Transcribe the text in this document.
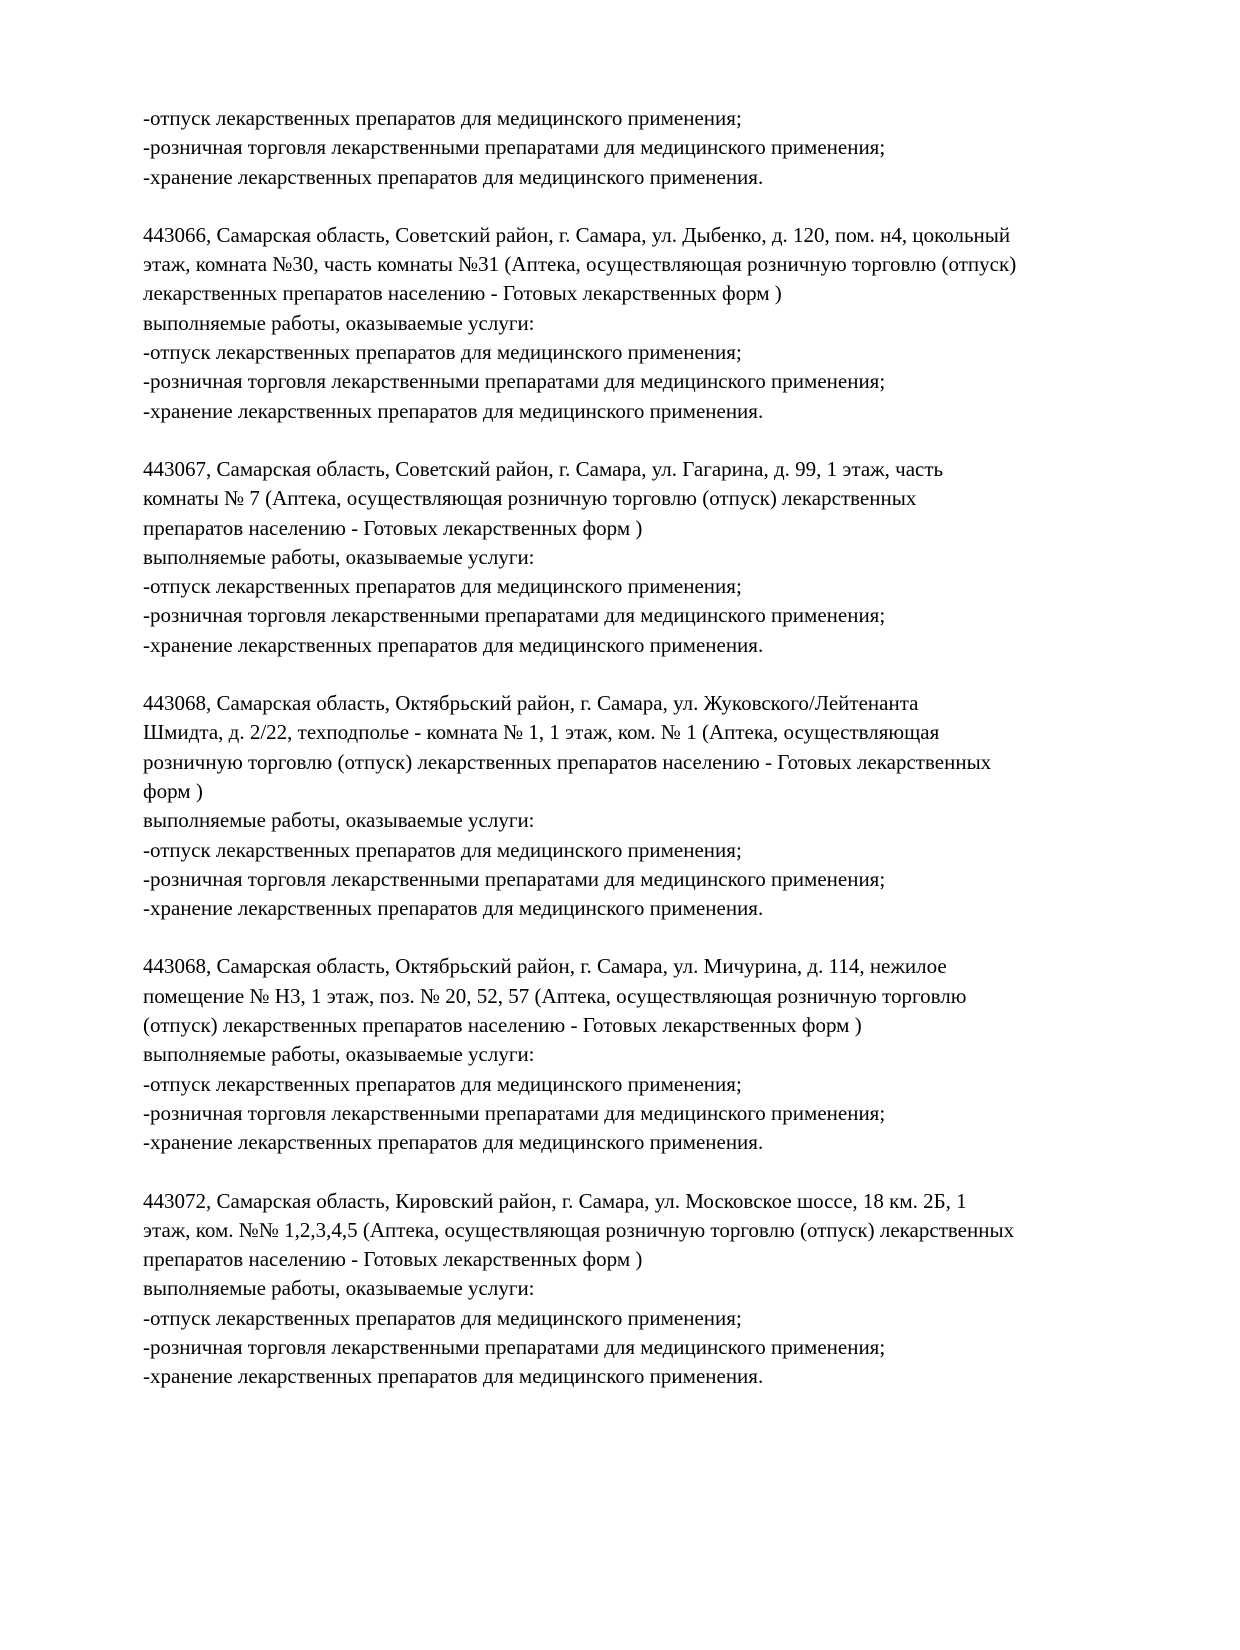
-отпуск лекарственных препаратов для медицинского применения;
-розничная торговля лекарственными препаратами для медицинского применения;
-хранение лекарственных препаратов для медицинского применения.
443066, Самарская область, Советский район, г. Самара, ул. Дыбенко, д. 120, пом. н4, цокольный
этаж, комната №30, часть комнаты №31 (Аптека, осуществляющая розничную торговлю (отпуск)
лекарственных препаратов населению - Готовых лекарственных форм )
выполняемые работы, оказываемые услуги:
-отпуск лекарственных препаратов для медицинского применения;
-розничная торговля лекарственными препаратами для медицинского применения;
-хранение лекарственных препаратов для медицинского применения.
443067, Самарская область, Советский район, г. Самара, ул. Гагарина, д. 99, 1 этаж, часть
комнаты № 7 (Аптека, осуществляющая розничную торговлю (отпуск) лекарственных
препаратов населению - Готовых лекарственных форм )
выполняемые работы, оказываемые услуги:
-отпуск лекарственных препаратов для медицинского применения;
-розничная торговля лекарственными препаратами для медицинского применения;
-хранение лекарственных препаратов для медицинского применения.
443068, Самарская область, Октябрьский район, г. Самара, ул. Жуковского/Лейтенанта
Шмидта, д. 2/22, техподполье - комната № 1, 1 этаж, ком. № 1 (Аптека, осуществляющая
розничную торговлю (отпуск) лекарственных препаратов населению - Готовых лекарственных
форм )
выполняемые работы, оказываемые услуги:
-отпуск лекарственных препаратов для медицинского применения;
-розничная торговля лекарственными препаратами для медицинского применения;
-хранение лекарственных препаратов для медицинского применения.
443068, Самарская область, Октябрьский район, г. Самара, ул. Мичурина, д. 114, нежилое
помещение № Н3, 1 этаж, поз. № 20, 52, 57 (Аптека, осуществляющая розничную торговлю
(отпуск) лекарственных препаратов населению - Готовых лекарственных форм )
выполняемые работы, оказываемые услуги:
-отпуск лекарственных препаратов для медицинского применения;
-розничная торговля лекарственными препаратами для медицинского применения;
-хранение лекарственных препаратов для медицинского применения.
443072, Самарская область, Кировский район, г. Самара, ул. Московское шоссе, 18 км. 2Б, 1
этаж, ком. №№ 1,2,3,4,5 (Аптека, осуществляющая розничную торговлю (отпуск) лекарственных
препаратов населению - Готовых лекарственных форм )
выполняемые работы, оказываемые услуги:
-отпуск лекарственных препаратов для медицинского применения;
-розничная торговля лекарственными препаратами для медицинского применения;
-хранение лекарственных препаратов для медицинского применения.
